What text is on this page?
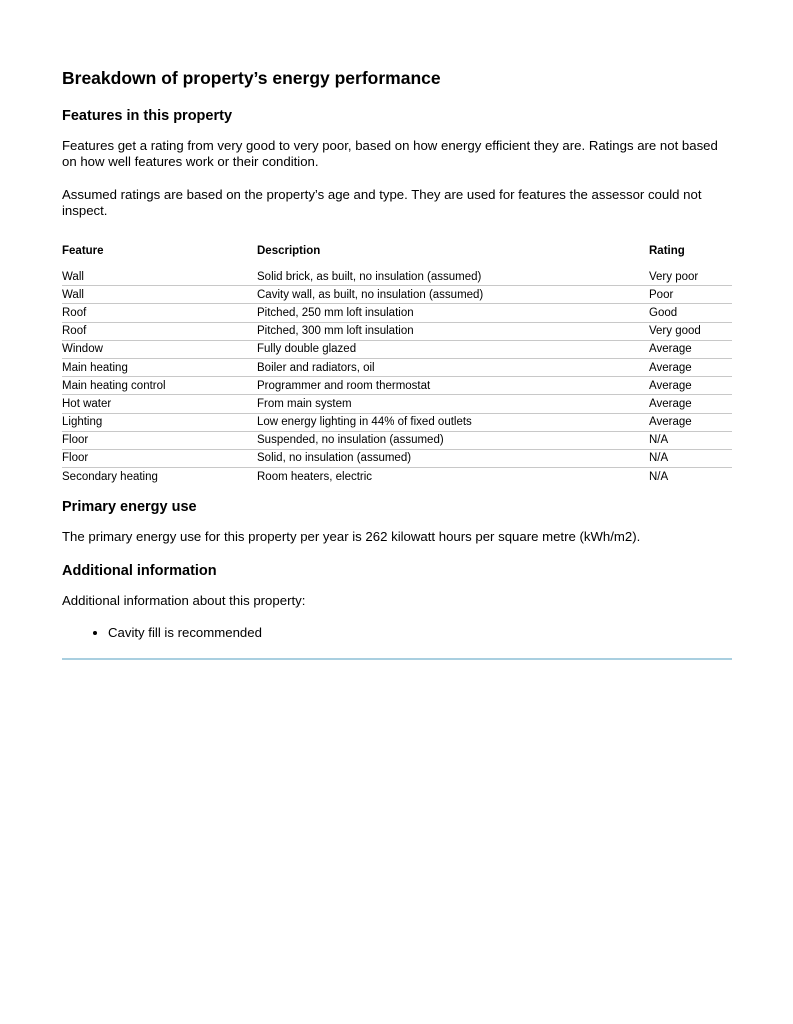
Breakdown of property’s energy performance
Features in this property

Features get a rating from very good to very poor, based on how energy efficient they are. Ratings are not based on how well features work or their condition.

Assumed ratings are based on the property’s age and type. They are used for features the assessor could not inspect.

Feature	Description	Rating

Wall	Solid brick, as built, no insulation (assumed)	Very poor
Wall	Cavity wall, as built, no insulation (assumed)	Poor
Roof	Pitched, 250 mm loft insulation	Good
Roof	Pitched, 300 mm loft insulation	Very good
Window	Fully double glazed	Average
Main heating	Boiler and radiators, oil	Average
Main heating control	Programmer and room thermostat	Average
Hot water	From main system	Average
Lighting	Low energy lighting in 44% of fixed outlets	Average
Floor	Suspended, no insulation (assumed)	N/A
Floor	Solid, no insulation (assumed)	N/A
Secondary heating	Room heaters, electric	N/A
Primary energy use

The primary energy use for this property per year is 262 kilowatt hours per square metre (kWh/m2).

Additional information

Additional information about this property:

• Cavity fill is recommended
